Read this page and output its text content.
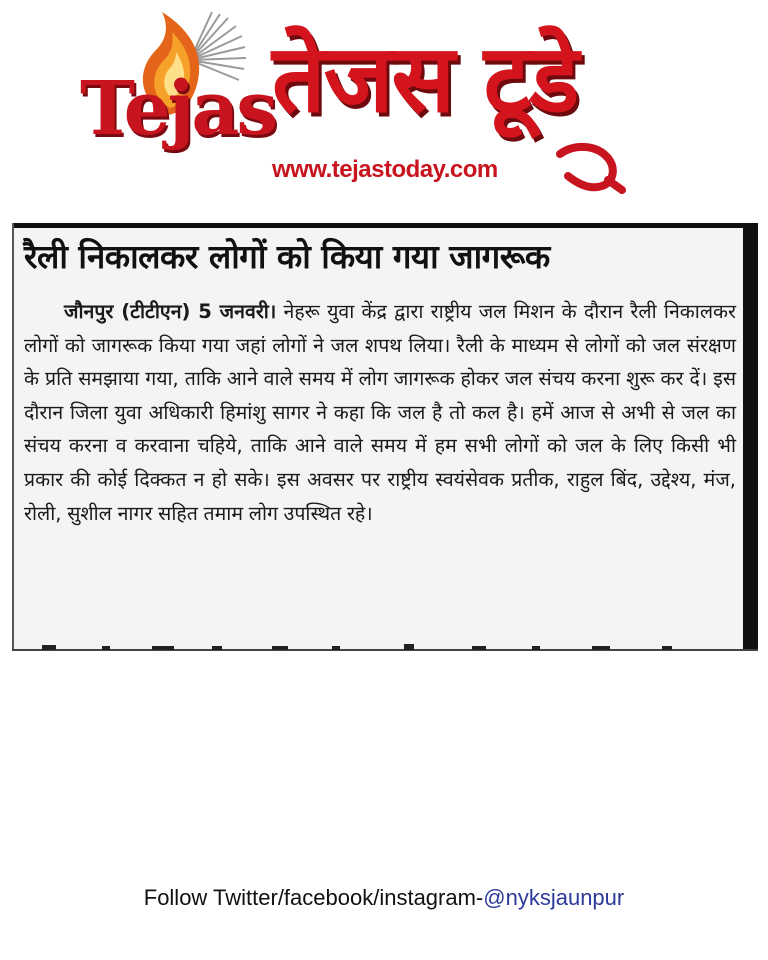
Tejas
तेजस टूडे
www.tejastoday.com
रैली निकालकर लोगों को किया गया जागरूक
जौनपुर (टीटीएन) 5 जनवरी। नेहरू युवा केंद्र द्वारा राष्ट्रीय जल मिशन के दौरान रैली निकालकर लोगों को जागरूक किया गया जहां लोगों ने जल शपथ लिया। रैली के माध्यम से लोगों को जल संरक्षण के प्रति समझाया गया, ताकि आने वाले समय में लोग जागरूक होकर जल संचय करना शुरू कर दें। इस दौरान जिला युवा अधिकारी हिमांशु सागर ने कहा कि जल है तो कल है। हमें आज से अभी से जल का संचय करना व करवाना चहिये, ताकि आने वाले समय में हम सभी लोगों को जल के लिए किसी भी प्रकार की कोई दिक्कत न हो सके। इस अवसर पर राष्ट्रीय स्वयंसेवक प्रतीक, राहुल बिंद, उद्देश्य, मंज, रोली, सुशील नागर सहित तमाम लोग उपस्थित रहे।
Follow Twitter/facebook/instagram-@nyksjaunpur
